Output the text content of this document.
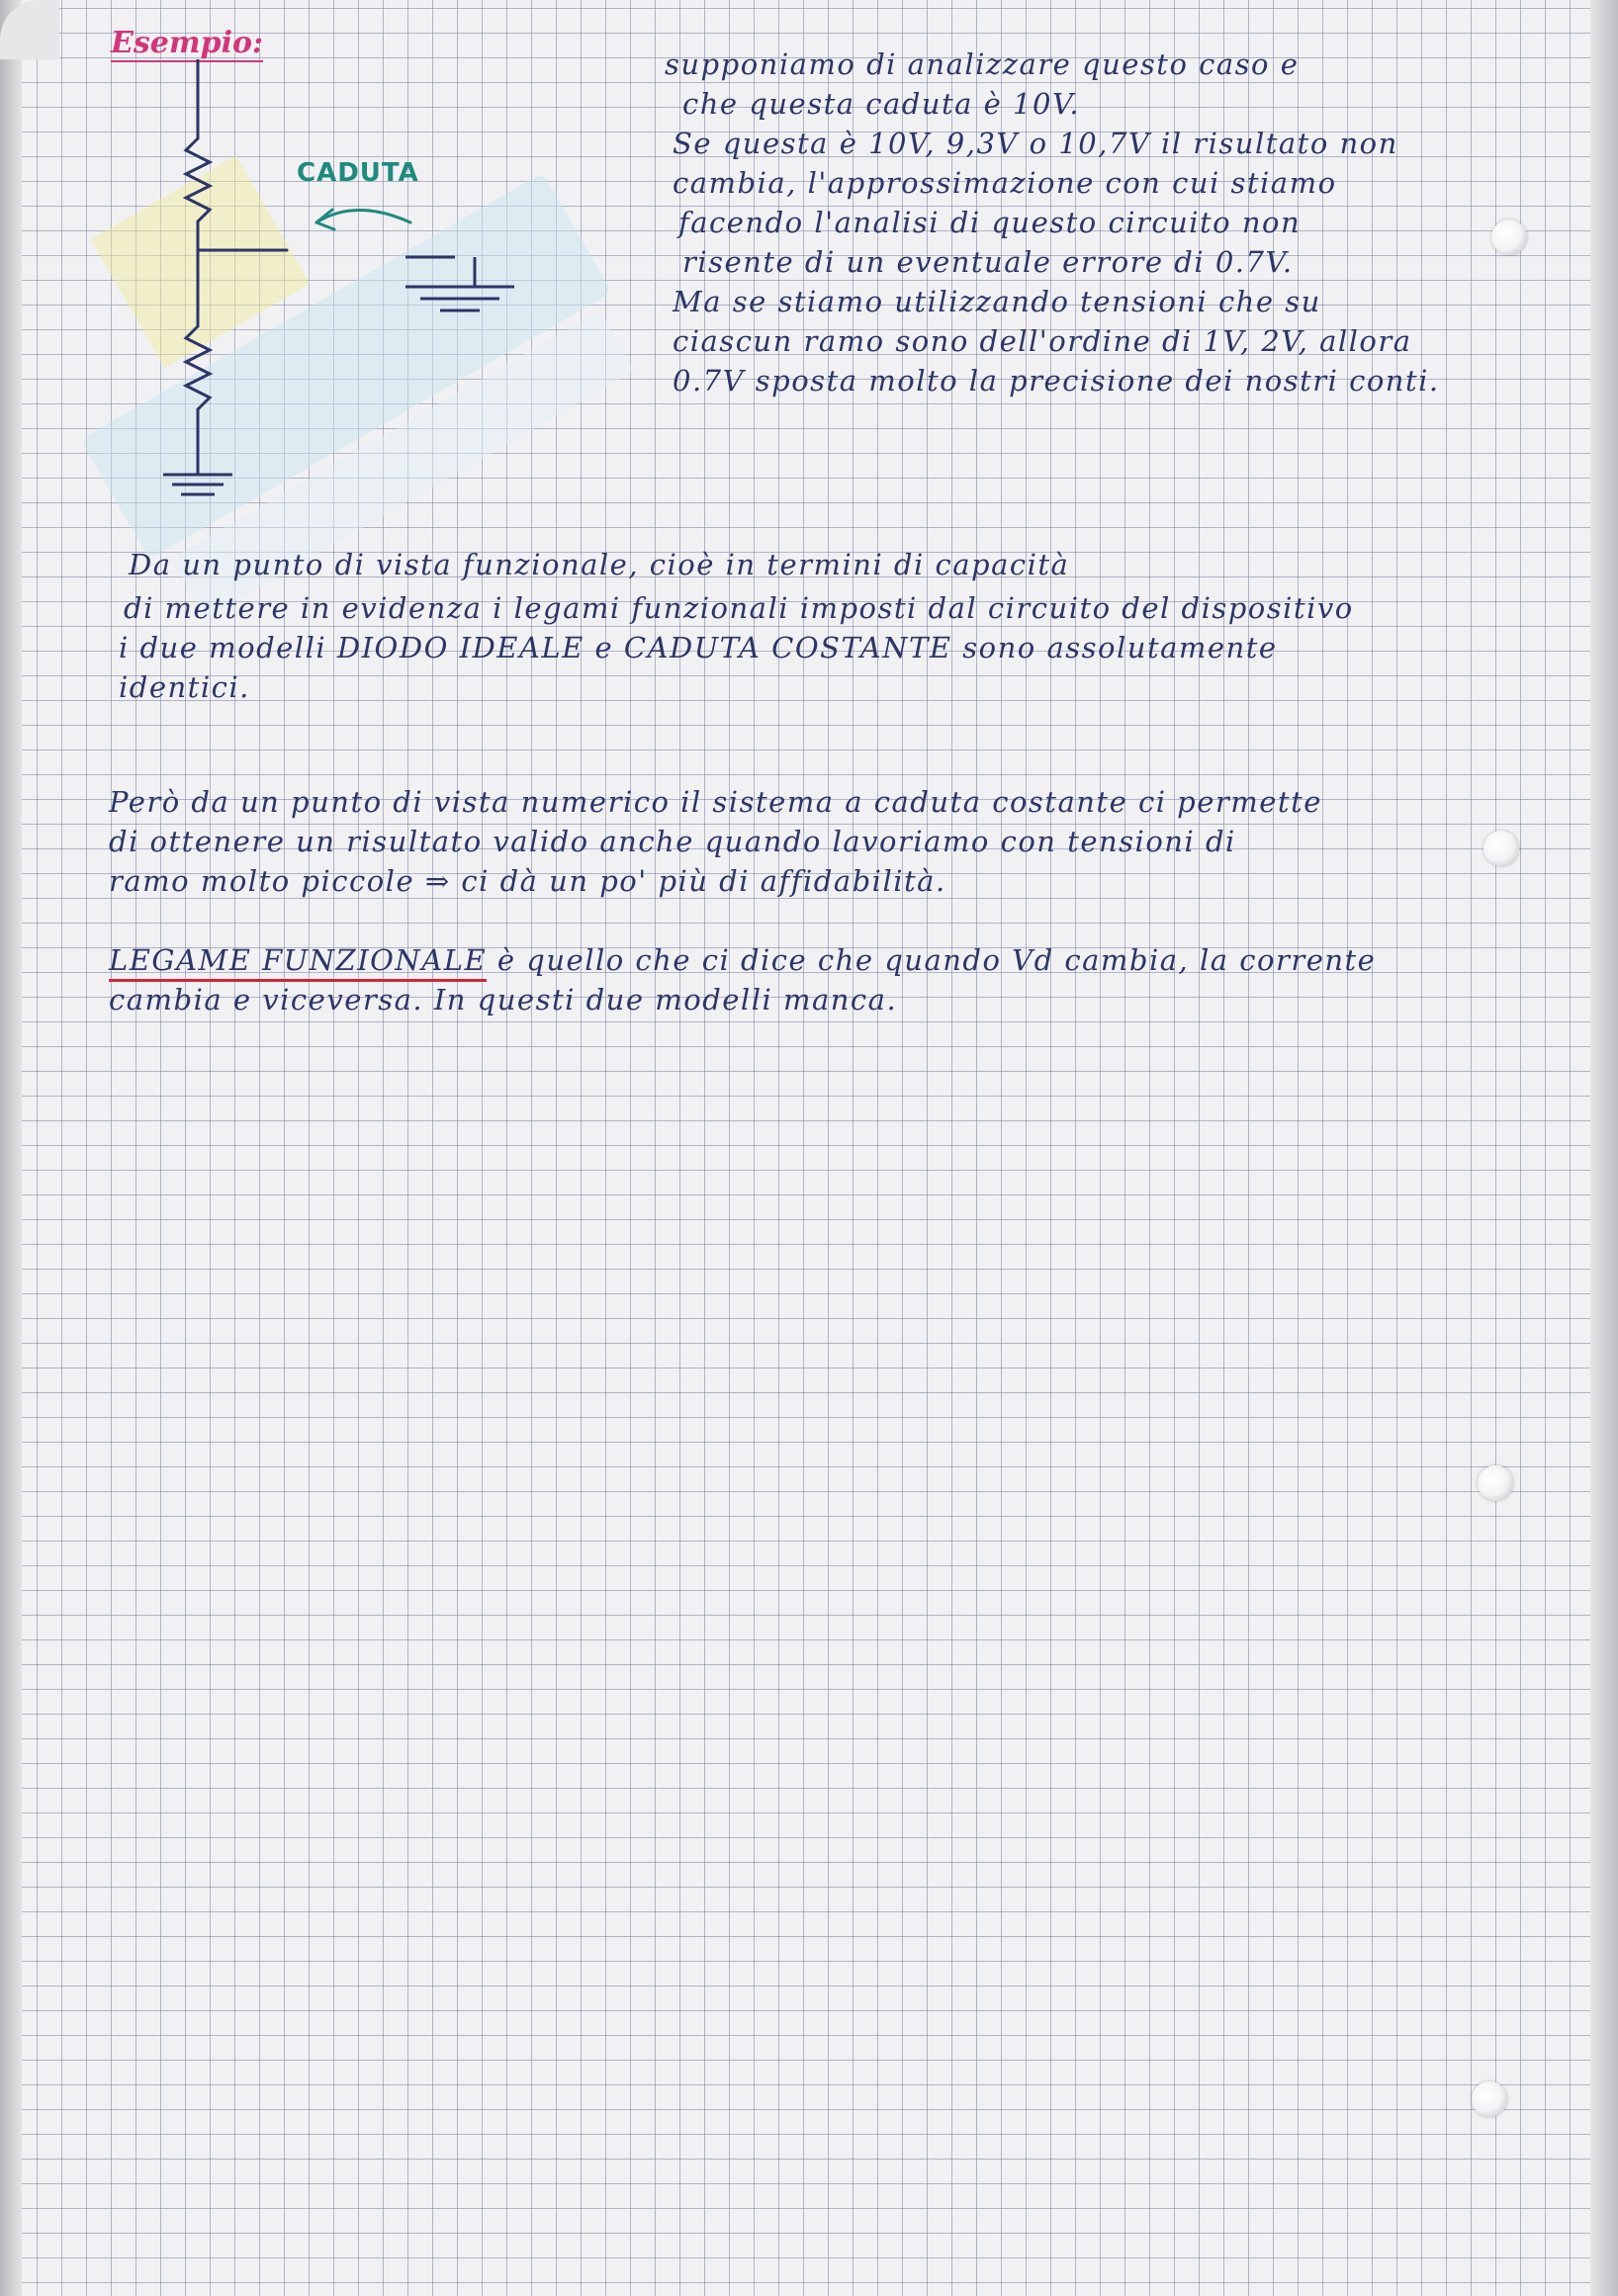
Esempio:

CADUTA

supponiamo di analizzare questo caso e

che questa caduta è 10V.

Se questa è 10V, 9,3V o 10,7V il risultato non

cambia, l'approssimazione con cui stiamo

facendo l'analisi di questo circuito non

risente di un eventuale errore di 0.7V.

Ma se stiamo utilizzando tensioni che su

ciascun ramo sono dell'ordine di 1V, 2V, allora

0.7V sposta molto la precisione dei nostri conti.

Da un punto di vista funzionale, cioè in termini di capacità

di mettere in evidenza i legami funzionali imposti dal circuito del dispositivo

i due modelli DIODO IDEALE e CADUTA COSTANTE sono assolutamente

identici.

Però da un punto di vista numerico il sistema a caduta costante ci permette

di ottenere un risultato valido anche quando lavoriamo con tensioni di

ramo molto piccole ⇒ ci dà un po' più di affidabilità.

LEGAME FUNZIONALE è quello che ci dice che quando Vd cambia, la corrente

cambia e viceversa. In questi due modelli manca.
